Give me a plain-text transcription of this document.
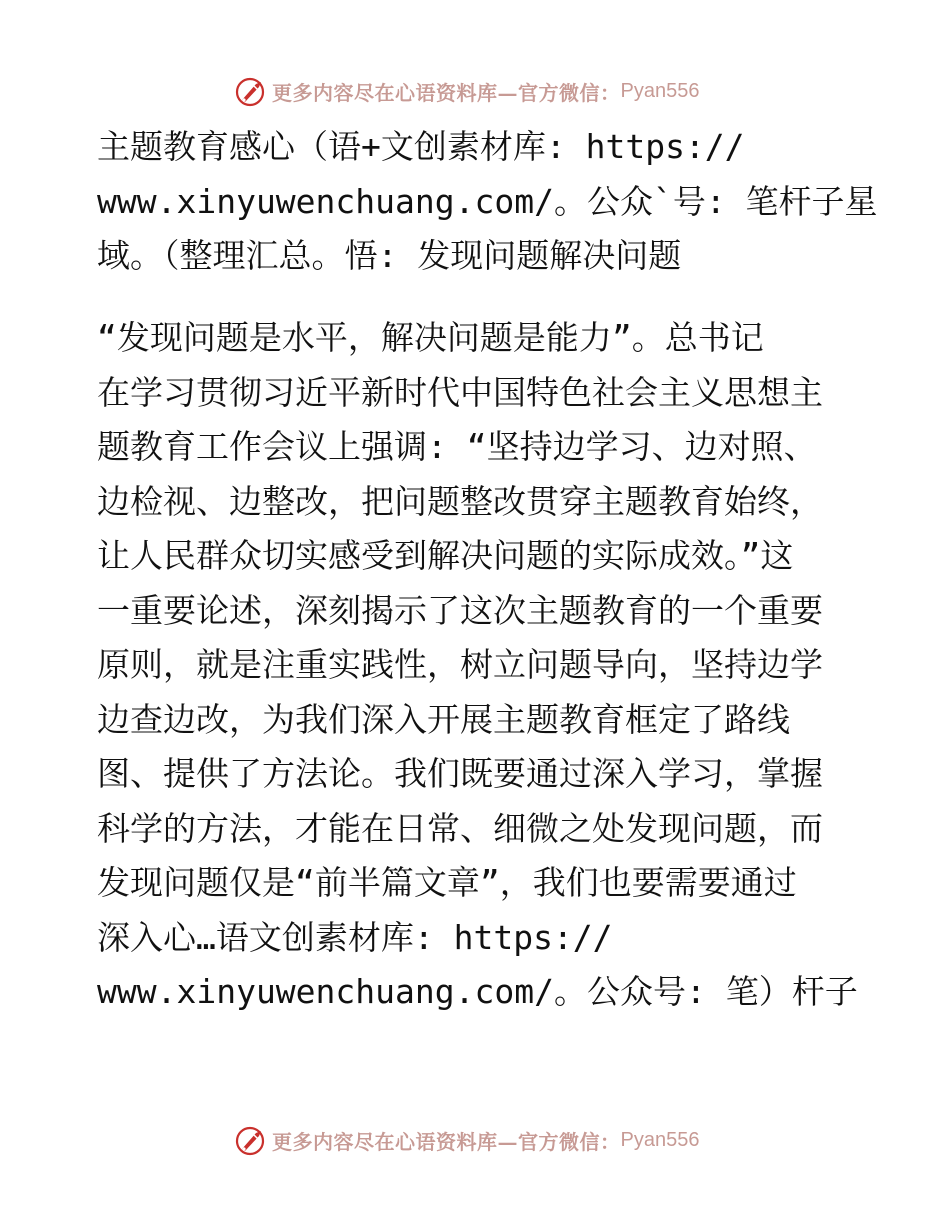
更多内容尽在心语资料库—官方微信： Pyan556
主题教育感心（语+文创素材库: https://
www.xinyuwenchuang.com/。公众`号: 笔杆子星
域。（整理汇总。悟: 发现问题解决问题
“发现问题是水平，解决问题是能力”。总书记
在学习贯彻习近平新时代中国特色社会主义思想主
题教育工作会议上强调: “坚持边学习、边对照、
边检视、边整改，把问题整改贯穿主题教育始终，
让人民群众切实感受到解决问题的实际成效。”这
一重要论述，深刻揭示了这次主题教育的一个重要
原则，就是注重实践性，树立问题导向，坚持边学
边查边改，为我们深入开展主题教育框定了路线
图、提供了方法论。我们既要通过深入学习，掌握
科学的方法，才能在日常、细微之处发现问题，而
发现问题仅是“前半篇文章”，我们也要需要通过
深入心…语文创素材库: https://
www.xinyuwenchuang.com/。公众号: 笔）杆子
更多内容尽在心语资料库—官方微信： Pyan556
